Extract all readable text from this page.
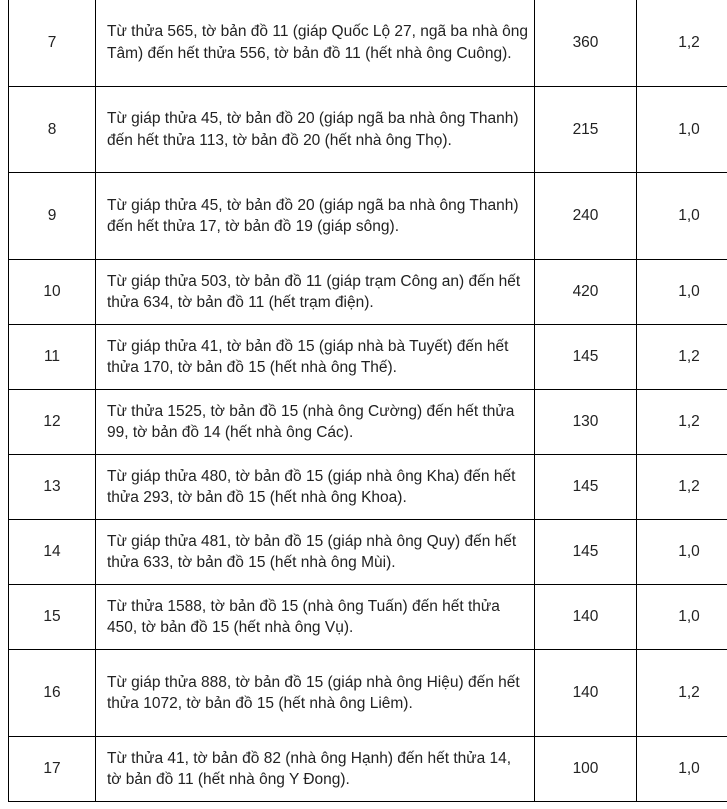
7	Từ thửa 565, tờ bản đồ 11 (giáp Quốc Lộ 27, ngã ba nhà ông Tâm) đến hết thửa 556, tờ bản đồ 11 (hết nhà ông Cuông).	360	1,2
8	Từ giáp thửa 45, tờ bản đồ 20 (giáp ngã ba nhà ông Thanh) đến hết thửa 113, tờ bản đồ 20 (hết nhà ông Thọ).	215	1,0
9	Từ giáp thửa 45, tờ bản đồ 20 (giáp ngã ba nhà ông Thanh) đến hết thửa 17, tờ bản đồ 19 (giáp sông).	240	1,0
10	Từ giáp thửa 503, tờ bản đồ 11 (giáp trạm Công an) đến hết thửa 634, tờ bản đồ 11 (hết trạm điện).	420	1,0
11	Từ giáp thửa 41, tờ bản đồ 15 (giáp nhà bà Tuyết) đến hết thửa 170, tờ bản đồ 15 (hết nhà ông Thế).	145	1,2
12	Từ thửa 1525, tờ bản đồ 15 (nhà ông Cường) đến hết thửa 99, tờ bản đồ 14 (hết nhà ông Các).	130	1,2
13	Từ giáp thửa 480, tờ bản đồ 15 (giáp nhà ông Kha) đến hết thửa 293, tờ bản đồ 15 (hết nhà ông Khoa).	145	1,2
14	Từ giáp thửa 481, tờ bản đồ 15 (giáp nhà ông Quy) đến hết thửa 633, tờ bản đồ 15 (hết nhà ông Mùi).	145	1,0
15	Từ thửa 1588, tờ bản đồ 15 (nhà ông Tuấn) đến hết thửa 450, tờ bản đồ 15 (hết nhà ông Vụ).	140	1,0
16	Từ giáp thửa 888, tờ bản đồ 15 (giáp nhà ông Hiệu) đến hết thửa 1072, tờ bản đồ 15 (hết nhà ông Liêm).	140	1,2
17	Từ thửa 41, tờ bản đồ 82 (nhà ông Hạnh) đến hết thửa 14, tờ bản đồ 11 (hết nhà ông Y Đong).	100	1,0
